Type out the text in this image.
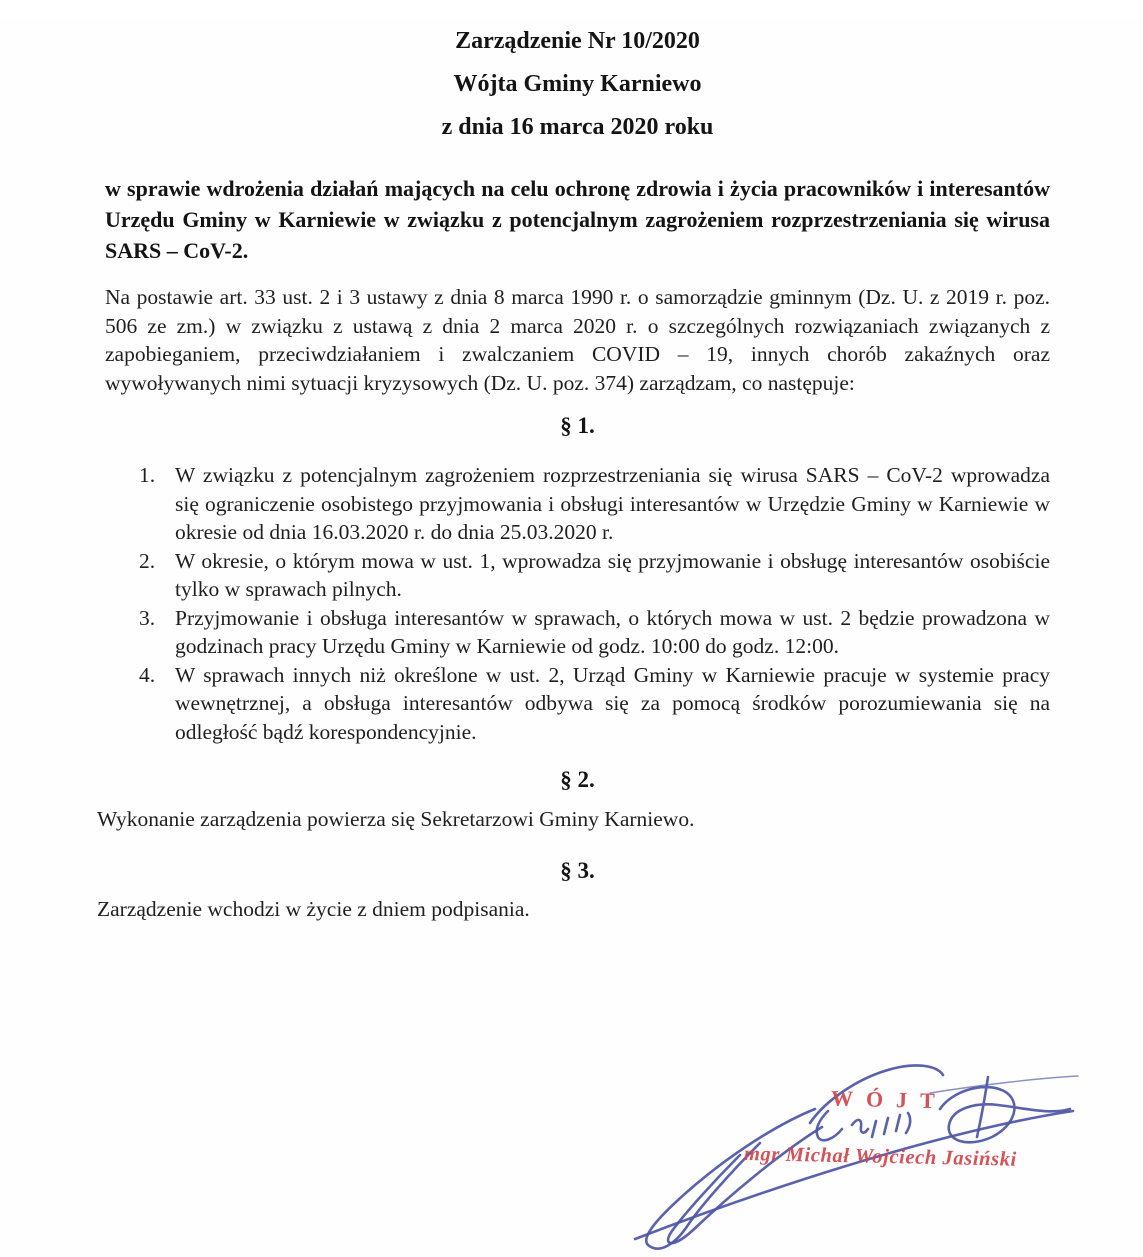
Zarządzenie Nr 10/2020
Wójta Gminy Karniewo
z dnia 16 marca 2020 roku

w sprawie wdrożenia działań mających na celu ochronę zdrowia i życia pracowników i interesantów Urzędu Gminy w Karniewie w związku z potencjalnym zagrożeniem rozprzestrzeniania się wirusa SARS – CoV-2.

Na postawie art. 33 ust. 2 i 3 ustawy z dnia 8 marca 1990 r. o samorządzie gminnym (Dz. U. z 2019 r. poz. 506 ze zm.) w związku z ustawą z dnia 2 marca 2020 r. o szczególnych rozwiązaniach związanych z zapobieganiem, przeciwdziałaniem i zwalczaniem COVID – 19, innych chorób zakaźnych oraz wywoływanych nimi sytuacji kryzysowych (Dz. U. poz. 374) zarządzam, co następuje:

§ 1.
1. W związku z potencjalnym zagrożeniem rozprzestrzeniania się wirusa SARS – CoV-2 wprowadza się ograniczenie osobistego przyjmowania i obsługi interesantów w Urzędzie Gminy w Karniewie w okresie od dnia 16.03.2020 r. do dnia 25.03.2020 r.
2. W okresie, o którym mowa w ust. 1, wprowadza się przyjmowanie i obsługę interesantów osobiście tylko w sprawach pilnych.
3. Przyjmowanie i obsługa interesantów w sprawach, o których mowa w ust. 2 będzie prowadzona w godzinach pracy Urzędu Gminy w Karniewie od godz. 10:00 do godz. 12:00.
4. W sprawach innych niż określone w ust. 2, Urząd Gminy w Karniewie pracuje w systemie pracy wewnętrznej, a obsługa interesantów odbywa się za pomocą środków porozumiewania się na odległość bądź korespondencyjnie.
§ 2.

Wykonanie zarządzenia powierza się Sekretarzowi Gminy Karniewo.

§ 3.

Zarządzenie wchodzi w życie z dniem podpisania.

WÓJT
mgr Michał Wojciech Jasiński
